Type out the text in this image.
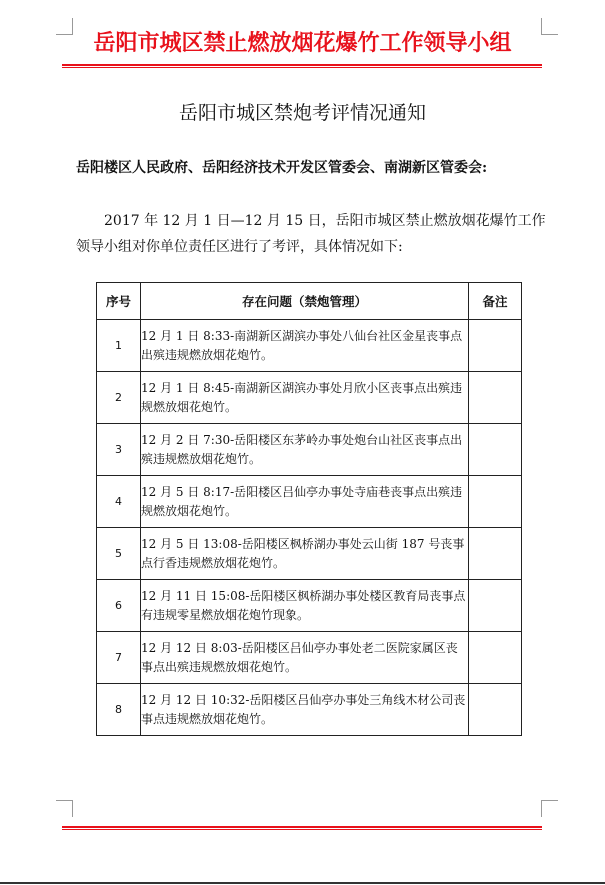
岳阳市城区禁止燃放烟花爆竹工作领导小组
岳阳市城区禁炮考评情况通知
岳阳楼区人民政府、岳阳经济技术开发区管委会、南湖新区管委会:
2017 年 12 月 1 日—12 月 15 日，岳阳市城区禁止燃放烟花爆竹工作领导小组对你单位责任区进行了考评，具体情况如下:
序号	存在问题（禁炮管理）	备注
1	12 月 1 日 8:33-南湖新区湖滨办事处八仙台社区金星丧事点出殡违规燃放烟花炮竹。	
2	12 月 1 日 8:45-南湖新区湖滨办事处月欣小区丧事点出殡违规燃放烟花炮竹。	
3	12 月 2 日 7:30-岳阳楼区东茅岭办事处炮台山社区丧事点出殡违规燃放烟花炮竹。	
4	12 月 5 日 8:17-岳阳楼区吕仙亭办事处寺庙巷丧事点出殡违规燃放烟花炮竹。	
5	12 月 5 日 13:08-岳阳楼区枫桥湖办事处云山街 187 号丧事点行香违规燃放烟花炮竹。	
6	12 月 11 日 15:08-岳阳楼区枫桥湖办事处楼区教育局丧事点有违规零星燃放烟花炮竹现象。	
7	12 月 12 日 8:03-岳阳楼区吕仙亭办事处老二医院家属区丧事点出殡违规燃放烟花炮竹。	
8	12 月 12 日 10:32-岳阳楼区吕仙亭办事处三角线木材公司丧事点违规燃放烟花炮竹。	
